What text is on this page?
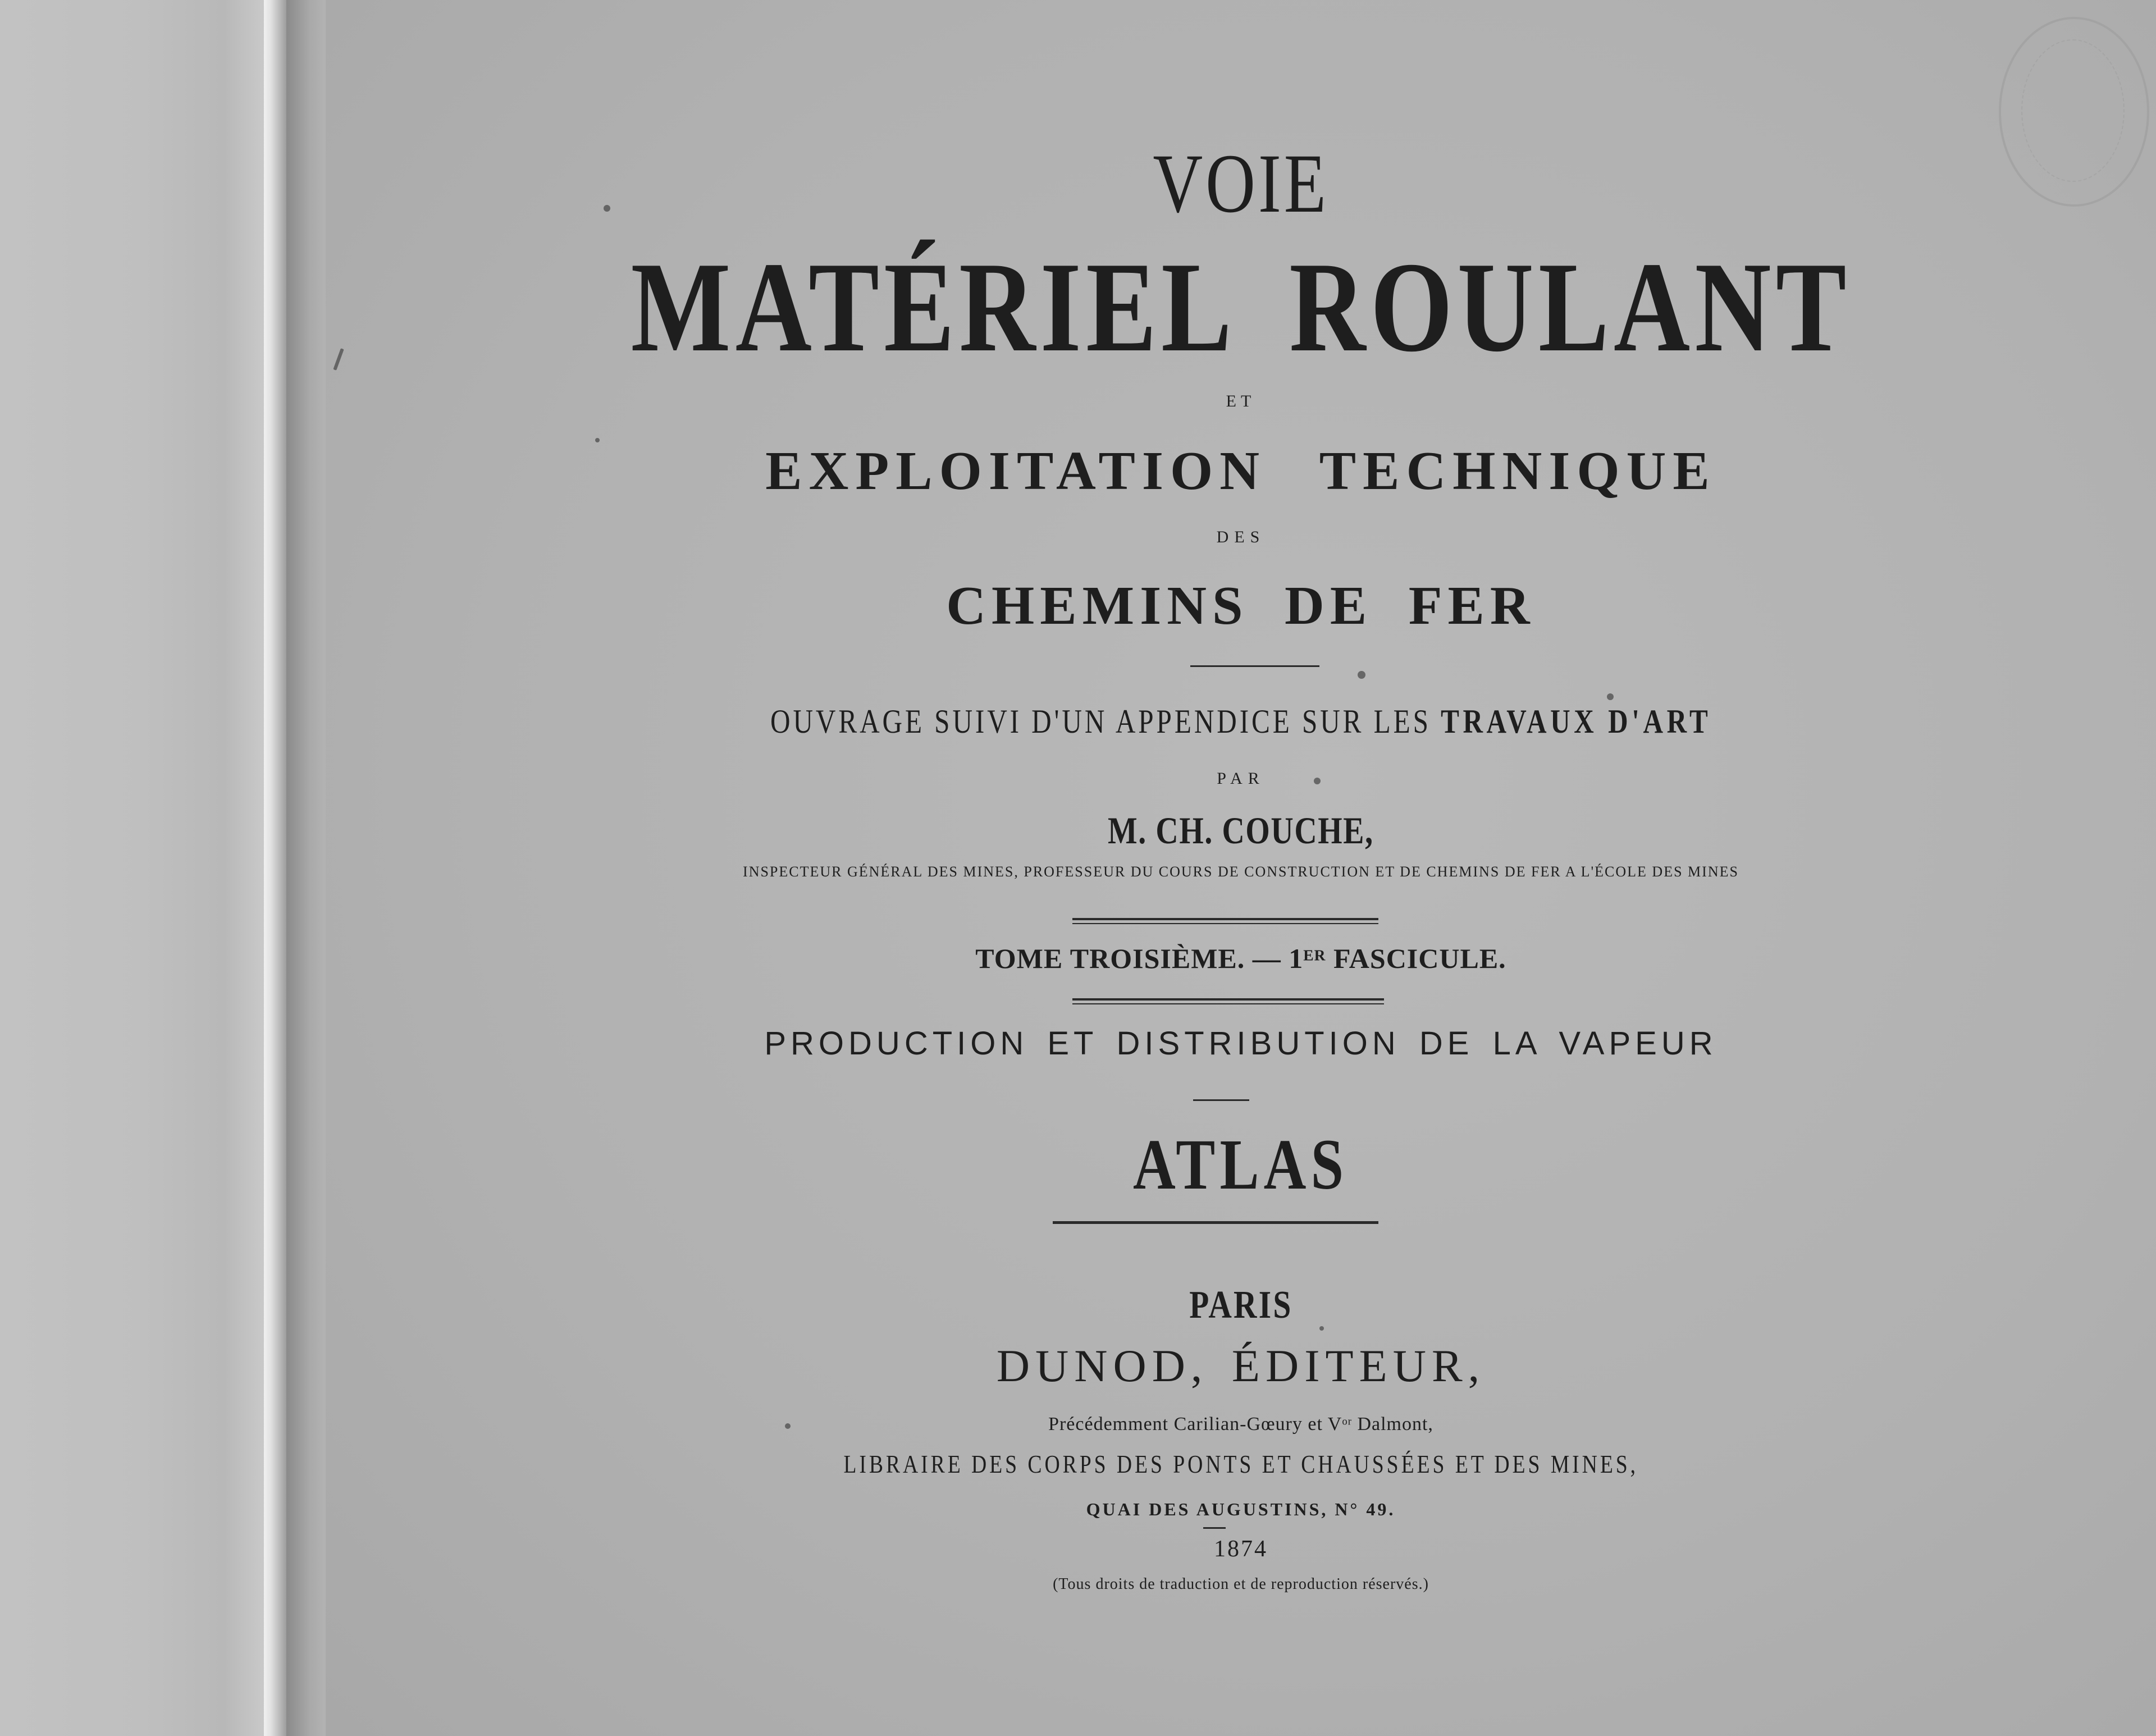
VOIE
MATÉRIEL ROULANT
ET
EXPLOITATION TECHNIQUE
DES
CHEMINS DE FER
OUVRAGE SUIVI D'UN APPENDICE SUR LES TRAVAUX D'ART
PAR
M. CH. COUCHE,
INSPECTEUR GÉNÉRAL DES MINES, PROFESSEUR DU COURS DE CONSTRUCTION ET DE CHEMINS DE FER A L'ÉCOLE DES MINES
TOME TROISIÈME. — 1ER FASCICULE.
PRODUCTION ET DISTRIBUTION DE LA VAPEUR
ATLAS
PARIS
DUNOD, ÉDITEUR,
Précédemment Carilian-Gœury et $V^{or}$ Dalmont,
LIBRAIRE DES CORPS DES PONTS ET CHAUSSÉES ET DES MINES,
QUAI DES AUGUSTINS, N° 49.
1874
(Tous droits de traduction et de reproduction réservés.)
